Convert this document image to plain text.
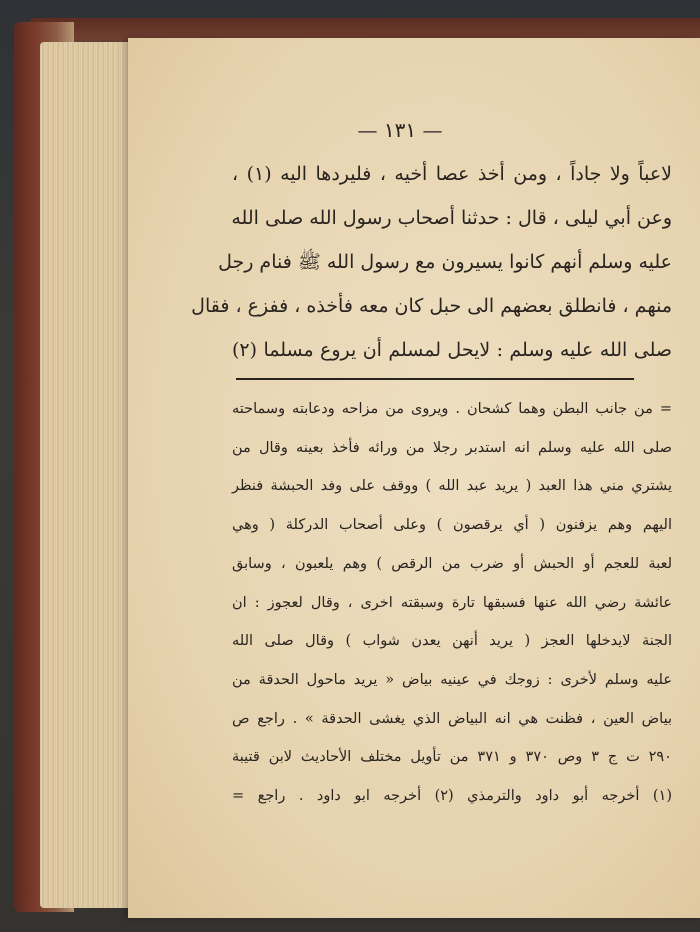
— ١٣١ —

لاعباً ولا جاداً ، ومن أخذ عصا أخيه ، فليردها اليه (١) ،

وعن أبي ليلى ، قال : حدثنا أصحاب رسول الله صلى الله

عليه وسلم أنهم كانوا يسيرون مع رسول الله ﷺ فنام رجل

منهم ، فانطلق بعضهم الى حبل كان معه فأخذه ، ففزع ، فقال

صلى الله عليه وسلم : لايحل لمسلم أن يروع مسلما (٢)

= من جانب البطن وهما كشحان . ويروى من مزاحه ودعابته وسماحته

صلى الله عليه وسلم انه استدبر رجلا من ورائه فأخذ بعينه وقال من

يشتري مني هذا العبد ( يريد عبد الله ) ووقف على وفد الحبشة فنظر

اليهم وهم يزفنون ( أي يرقصون ) وعلى أصحاب الدركلة ( وهي

لعبة للعجم أو الحبش أو ضرب من الرقص ) وهم يلعبون ، وسابق

عائشة رضي الله عنها فسبقها تارة وسبقته اخرى ، وقال لعجوز : ان

الجنة لايدخلها العجز ( يريد أنهن يعدن شواب ) وقال صلى الله

عليه وسلم لأخرى : زوجك في عينيه بياض « يريد ماحول الحدقة من

بياض العين ، فظنت هي انه البياض الذي يغشى الحدقة » . راجع ص

٢٩٠ ت ج ٣ وص ٣٧٠ و ٣٧١ من تأويل مختلف الأحاديث لابن قتيبة

(١) أخرجه أبو داود والترمذي (٢) أخرجه ابو داود . راجع =
